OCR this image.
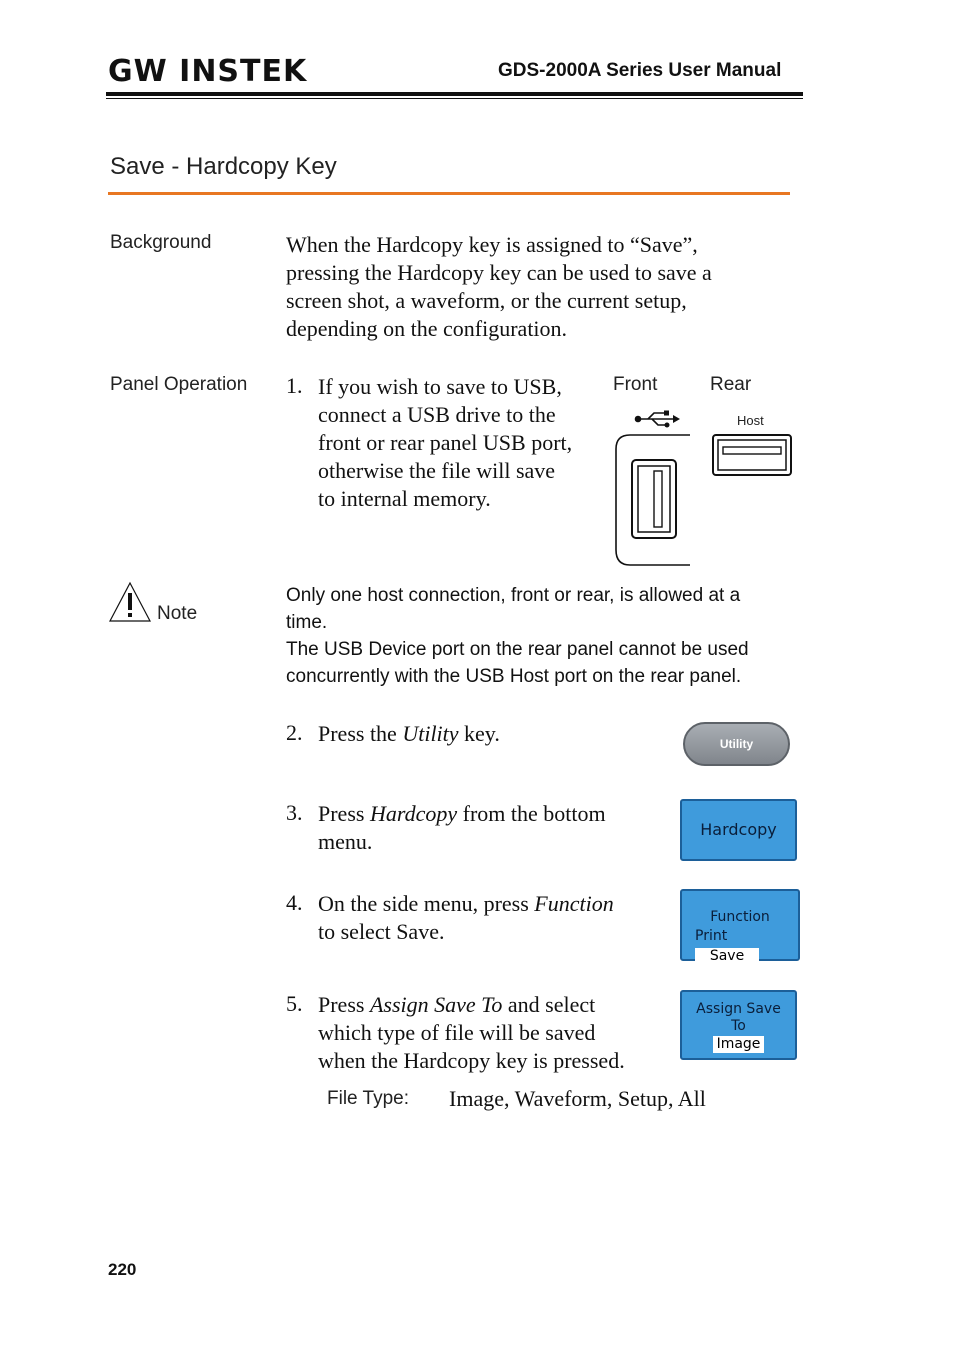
GW INSTEK	GDS-2000A Series User Manual
Save - Hardcopy Key
Background	When the Hardcopy key is assigned to “Save”,
pressing the Hardcopy key can be used to save a
screen shot, a waveform, or the current setup,
depending on the configuration.
Panel Operation 1. If you wish to save to USB,
connect a USB drive to the
front or rear panel USB port,
otherwise the file will save
to internal memory.
Front	Rear
Host
Note
Only one host connection, front or rear, is allowed at a
time.
The USB Device port on the rear panel cannot be used
concurrently with the USB Host port on the rear panel.
2. Press the Utility key.	Utility
3. Press Hardcopy from the bottom
menu.	Hardcopy
4. On the side menu, press Function
to select Save.
Function
Print  Save
5. Press Assign Save To and select
which type of file will be saved
when the Hardcopy key is pressed.
Assign Save
To
Image
File Type: Image, Waveform, Setup, All
220
